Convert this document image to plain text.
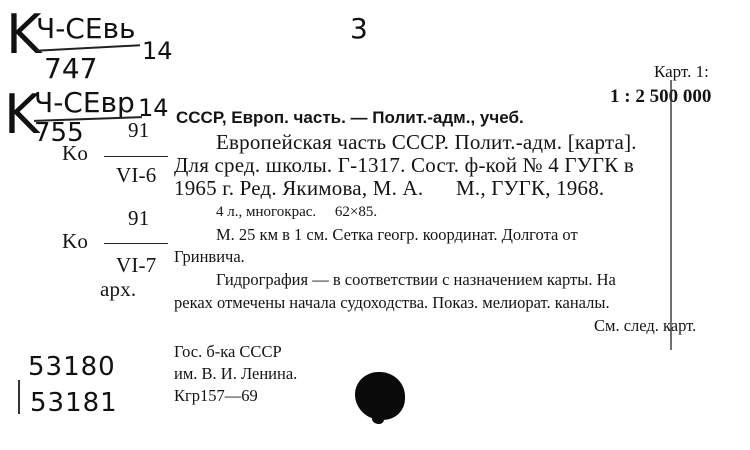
K
Ч-СЕвь
747
14
K
Ч-СЕвр
755
14
3
91
Ko
VI-6
91
Ko
VI-7
арх.
53180
53181
Карт. 1:
1 : 2 500 000
СССР, Европ. часть. — Полит.-адм., учеб.
Европейская часть СССР. Полит.-адм. [карта].
Для сред. школы. Г-1317. Сост. ф-кой № 4 ГУГК в
1965 г. Ред. Якимова, М. А.      М., ГУГК, 1968.
4 л., многокрас.     62×85.
М. 25 км в 1 см. Сетка геогр. координат. Долгота от
Гринвича.
Гидрография — в соответствии с назначением карты. На
реках отмечены начала судоходства. Показ. мелиорат. каналы.
См. след. карт.
Гос. б-ка СССР
им. В. И. Ленина.
Кгр157—69
